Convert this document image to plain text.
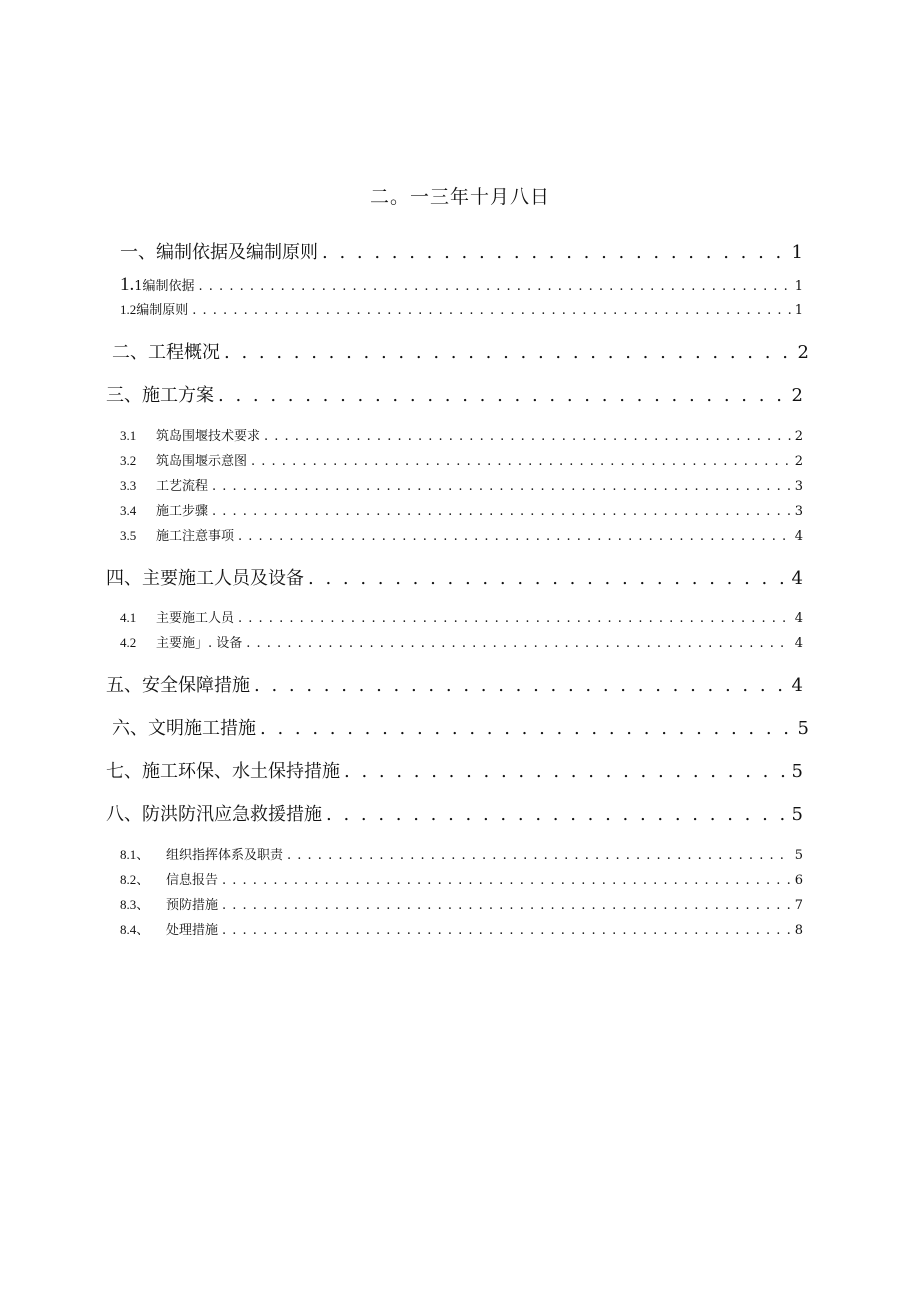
二。一三年十月八日
一、编制依据及编制原则 . . .	1
1. 1编制依据 . . .	1
1.2 编制原则 . . .	1
二、工程概况 . . .	2
三、施工方案 . . .	2
3.1	筑岛围堰技术要求 . . .	2
3.2	筑岛围堰示意图 . . .	2
3.3	工艺流程 . . .	3
3.4	施工步骤 . . .	3
3.5	施工注意事项 . . .	4
四、主要施工人员及设备 . . .	4
4.1	主要施工人员 . . .	4
4.2	主要施」. 设备 . . .	4
五、安全保障措施 . . .	4
六、文明施工措施 . . .	5
七、施工环保、水土保持措施 . . .	5
八、防洪防汛应急救援措施 . . .	5
8.1、	组织指挥体系及职责 . . .	5
8.2、	信息报告 . . .	6
8.3、	预防措施 . . .	7
8.4、	处理措施 . . .	8
